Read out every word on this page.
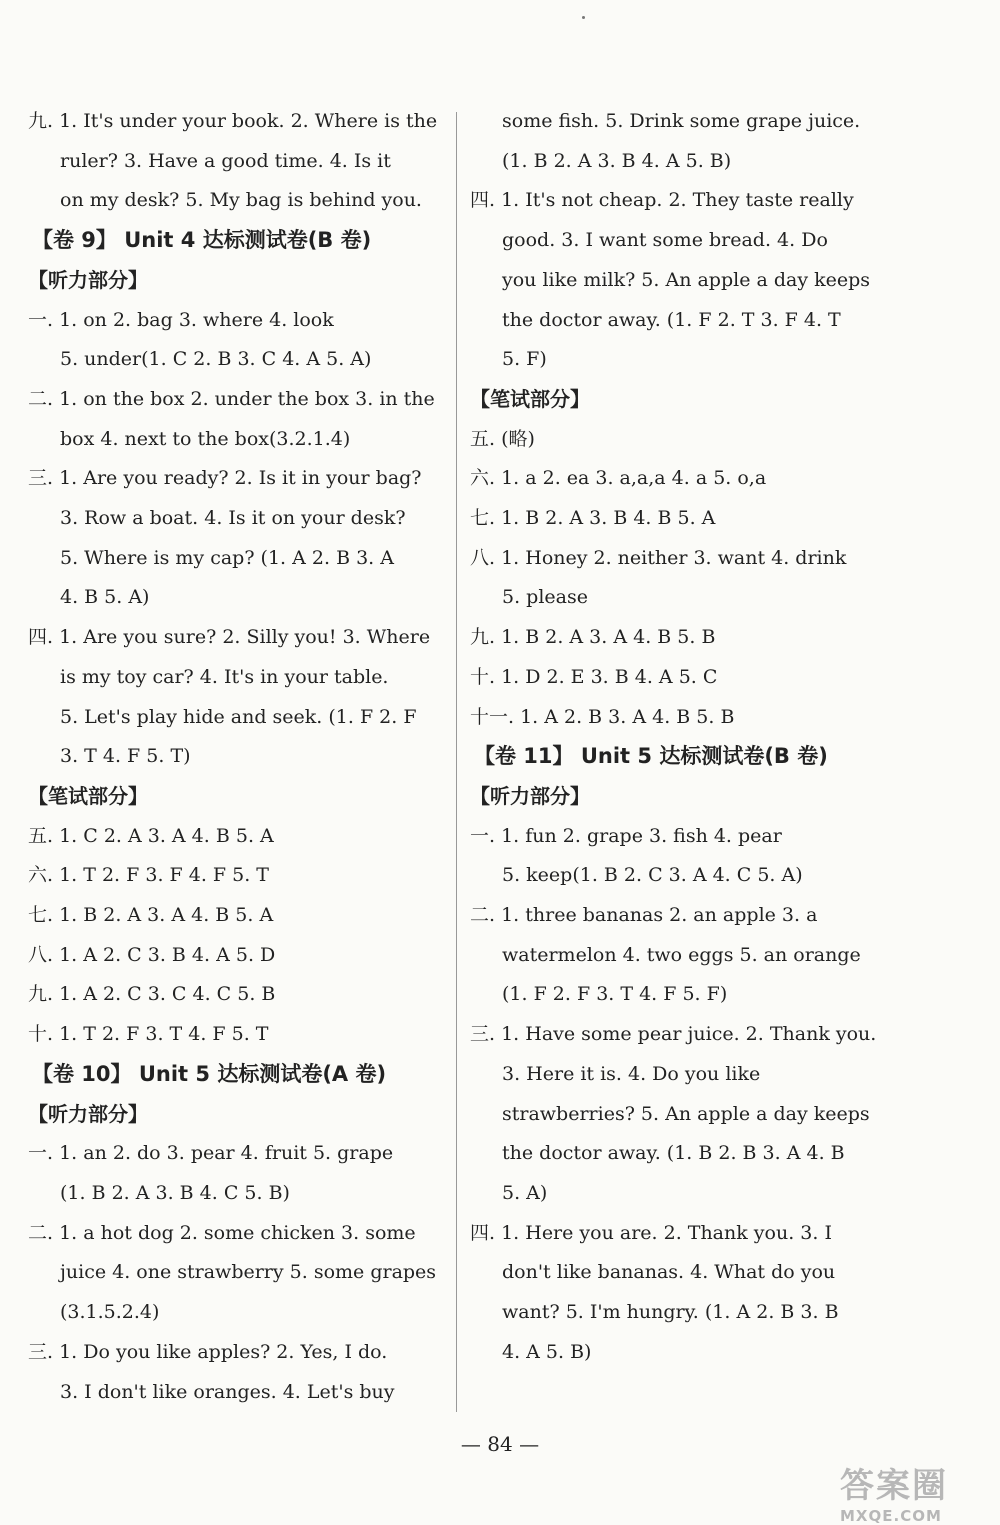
九. 1. It's under your book. 2. Where is the
ruler? 3. Have a good time. 4. Is it
on my desk? 5. My bag is behind you.
【卷 9】 Unit 4 达标测试卷(B 卷)
【听力部分】
一. 1. on 2. bag 3. where 4. look
5. under(1. C 2. B 3. C 4. A 5. A)
二. 1. on the box 2. under the box 3. in the
box 4. next to the box(3.2.1.4)
三. 1. Are you ready? 2. Is it in your bag?
3. Row a boat. 4. Is it on your desk?
5. Where is my cap? (1. A 2. B 3. A
4. B 5. A)
四. 1. Are you sure? 2. Silly you! 3. Where
is my toy car? 4. It's in your table.
5. Let's play hide and seek. (1. F 2. F
3. T 4. F 5. T)
【笔试部分】
五. 1. C 2. A 3. A 4. B 5. A
六. 1. T 2. F 3. F 4. F 5. T
七. 1. B 2. A 3. A 4. B 5. A
八. 1. A 2. C 3. B 4. A 5. D
九. 1. A 2. C 3. C 4. C 5. B
十. 1. T 2. F 3. T 4. F 5. T
【卷 10】 Unit 5 达标测试卷(A 卷)
【听力部分】
一. 1. an 2. do 3. pear 4. fruit 5. grape
(1. B 2. A 3. B 4. C 5. B)
二. 1. a hot dog 2. some chicken 3. some
juice 4. one strawberry 5. some grapes
(3.1.5.2.4)
三. 1. Do you like apples? 2. Yes, I do.
3. I don't like oranges. 4. Let's buy
some fish. 5. Drink some grape juice.
(1. B 2. A 3. B 4. A 5. B)
四. 1. It's not cheap. 2. They taste really
good. 3. I want some bread. 4. Do
you like milk? 5. An apple a day keeps
the doctor away. (1. F 2. T 3. F 4. T
5. F)
【笔试部分】
五. (略)
六. 1. a 2. ea 3. a,a,a 4. a 5. o,a
七. 1. B 2. A 3. B 4. B 5. A
八. 1. Honey 2. neither 3. want 4. drink
5. please
九. 1. B 2. A 3. A 4. B 5. B
十. 1. D 2. E 3. B 4. A 5. C
十一. 1. A 2. B 3. A 4. B 5. B
【卷 11】 Unit 5 达标测试卷(B 卷)
【听力部分】
一. 1. fun 2. grape 3. fish 4. pear
5. keep(1. B 2. C 3. A 4. C 5. A)
二. 1. three bananas 2. an apple 3. a
watermelon 4. two eggs 5. an orange
(1. F 2. F 3. T 4. F 5. F)
三. 1. Have some pear juice. 2. Thank you.
3. Here it is. 4. Do you like
strawberries? 5. An apple a day keeps
the doctor away. (1. B 2. B 3. A 4. B
5. A)
四. 1. Here you are. 2. Thank you. 3. I
don't like bananas. 4. What do you
want? 5. I'm hungry. (1. A 2. B 3. B
4. A 5. B)
— 84 —
答案圈
MXQE.COM
